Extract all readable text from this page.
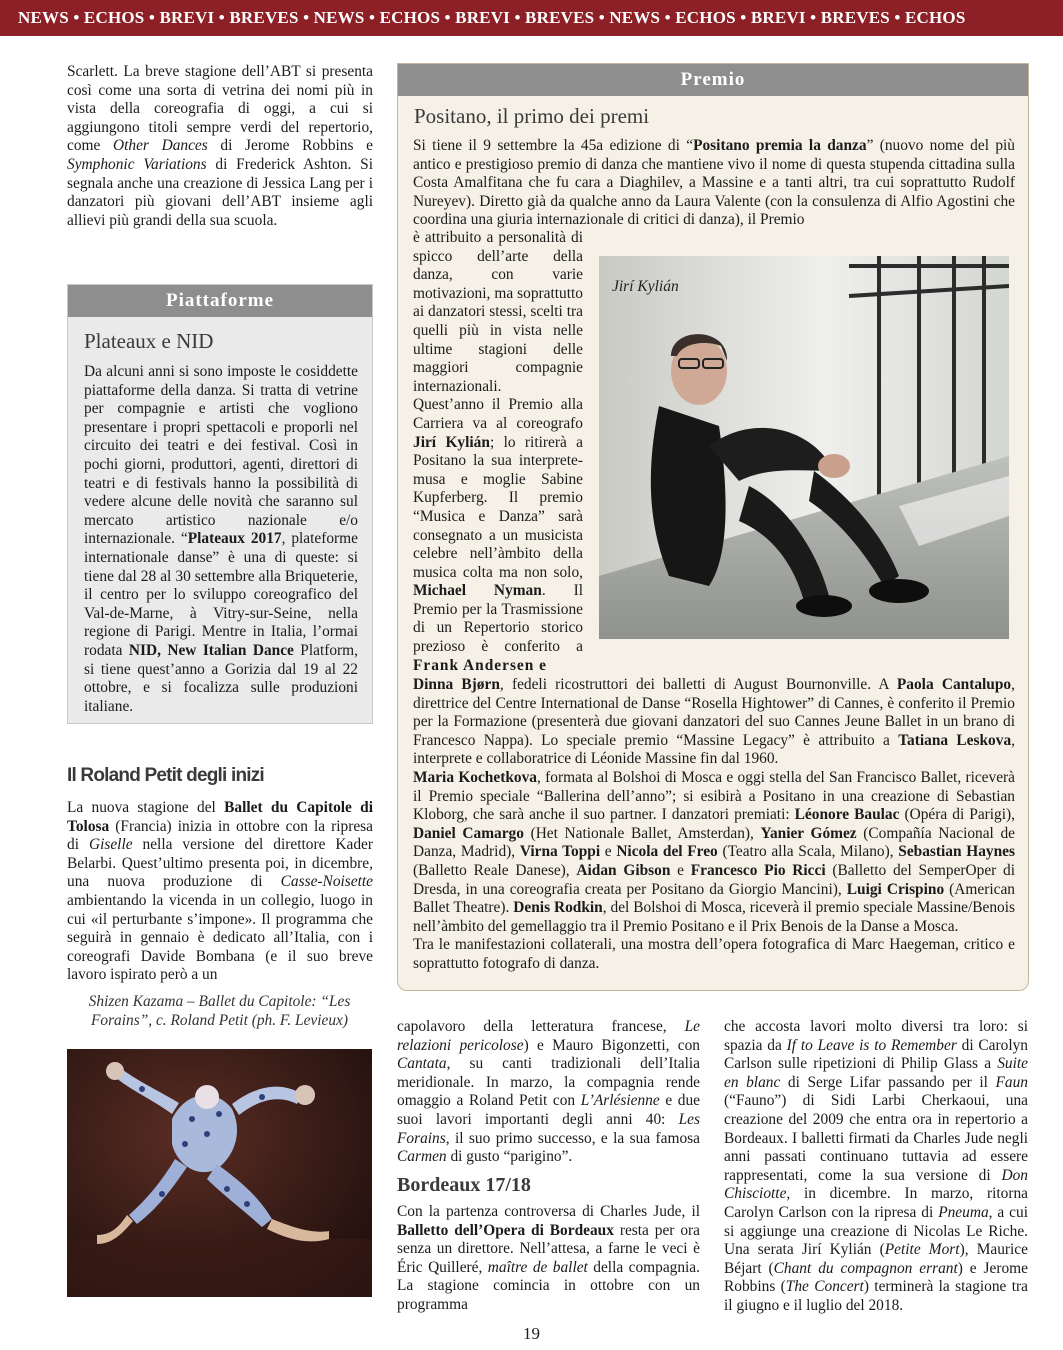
NEWS • ECHOS • BREVI • BREVES • NEWS • ECHOS • BREVI • BREVES • NEWS • ECHOS • BREVI • BREVES • ECHOS

Scarlett. La breve stagione dell’ABT si presenta così come una sorta di vetrina dei nomi più in vista della coreografia di oggi, a cui si aggiungono titoli sempre verdi del repertorio, come Other Dances di Jerome Robbins e Symphonic Variations di Frederick Ashton. Si segnala anche una creazione di Jessica Lang per i danzatori più giovani dell’ABT insieme agli allievi più grandi della sua scuola.

Piattaforme
Plateaux e NID

Da alcuni anni si sono imposte le cosiddette piattaforme della danza. Si tratta di vetrine per compagnie e artisti che vogliono presentare i propri spettacoli e proporli nel circuito dei teatri e dei festival. Così in pochi giorni, produttori, agenti, direttori di teatri e di festivals hanno la possibilità di vedere alcune delle novità che saranno sul mercato artistico nazionale e/o internazionale. “Plateaux 2017, plateforme internationale danse” è una di queste: si tiene dal 28 al 30 settembre alla Briqueterie, il centro per lo sviluppo coreografico del Val-de-Marne, à Vitry-sur-Seine, nella regione di Parigi. Mentre in Italia, l’ormai rodata NID, New Italian Dance Platform, si tiene quest’anno a Gorizia dal 19 al 22 ottobre, e si focalizza sulle produzioni italiane.

Il Roland Petit degli inizi

La nuova stagione del Ballet du Capitole di Tolosa (Francia) inizia in ottobre con la ripresa di Giselle nella versione del direttore Kader Belarbi. Quest’ultimo presenta poi, in dicembre, una nuova produzione di Casse-Noisette ambientando la vicenda in un collegio, luogo in cui «il perturbante s’impone». Il programma che seguirà in gennaio è dedicato all’Italia, con i coreografi Davide Bombana (e il suo breve lavoro ispirato però a un

Shizen Kazama – Ballet du Capitole: “Les Forains”, c. Roland Petit (ph. F. Levieux)
Premio
Positano, il primo dei premi

Si tiene il 9 settembre la 45a edizione di “Positano premia la danza” (nuovo nome del più antico e prestigioso premio di danza che mantiene vivo il nome di questa stupenda cittadina sulla Costa Amalfitana che fu cara a Diaghilev, a Massine e a tanti altri, tra cui soprattutto Rudolf Nureyev). Diretto già da qualche anno da Laura Valente (con la consulenza di Alfio Agostini che coordina una giuria internazionale di critici di danza), il Premio

è attribuito a personalità di spicco dell’arte della danza, con varie motivazioni, ma soprattutto ai danzatori stessi, scelti tra quelli più in vista nelle ultime stagioni delle maggiori compagnie internazionali.

Quest’anno il Premio alla Carriera va al coreografo Jirí Kylián; lo ritirerà a Positano la sua interprete-musa e moglie Sabine Kupferberg. Il premio “Musica e Danza” sarà consegnato a un musicista celebre nell’àmbito della musica colta ma non solo, Michael Nyman. Il Premio per la Trasmissione di un Repertorio storico prezioso è conferito a Frank Andersen e

Dinna Bjørn, fedeli ricostruttori dei balletti di August Bournonville. A Paola Cantalupo, direttrice del Centre International de Danse “Rosella Hightower” di Cannes, è conferito il Premio per la Formazione (presenterà due giovani danzatori del suo Cannes Jeune Ballet in un brano di Francesco Nappa). Lo speciale premio “Massine Legacy” è attribuito a Tatiana Leskova, interprete e collaboratrice di Léonide Massine fin dal 1960.

Maria Kochetkova, formata al Bolshoi di Mosca e oggi stella del San Francisco Ballet, riceverà il Premio speciale “Ballerina dell’anno”; si esibirà a Positano in una creazione di Sebastian Kloborg, che sarà anche il suo partner. I danzatori premiati: Léonore Baulac (Opéra di Parigi), Daniel Camargo (Het Nationale Ballet, Amsterdan), Yanier Gómez (Compañía Nacional de Danza, Madrid), Virna Toppi e Nicola del Freo (Teatro alla Scala, Milano), Sebastian Haynes (Balletto Reale Danese), Aidan Gibson e Francesco Pio Ricci (Balletto del SemperOper di Dresda, in una coreografia creata per Positano da Giorgio Mancini), Luigi Crispino (American Ballet Theatre). Denis Rodkin, del Bolshoi di Mosca, riceverà il premio speciale Massine/Benois nell’àmbito del gemellaggio tra il Premio Positano e il Prix Benois de la Danse a Mosca.

Tra le manifestazioni collaterali, una mostra dell’opera fotografica di Marc Haegeman, critico e soprattutto fotografo di danza.

Jirí Kylián

capolavoro della letteratura francese, Le relazioni pericolose) e Mauro Bigonzetti, con Cantata, su canti tradizionali dell’Italia meridionale. In marzo, la compagnia rende omaggio a Roland Petit con L’Arlésienne e due suoi lavori importanti degli anni 40: Les Forains, il suo primo successo, e la sua famosa Carmen di gusto “parigino”.

Bordeaux 17/18

Con la partenza controversa di Charles Jude, il Balletto dell’Opera di Bordeaux resta per ora senza un direttore. Nell’attesa, a farne le veci è Éric Quilleré, maître de ballet della compagnia. La stagione comincia in ottobre con un programma

che accosta lavori molto diversi tra loro: si spazia da If to Leave is to Remember di Carolyn Carlson sulle ripetizioni di Philip Glass a Suite en blanc di Serge Lifar passando per il Faun (“Fauno”) di Sidi Larbi Cherkaoui, una creazione del 2009 che entra ora in repertorio a Bordeaux. I balletti firmati da Charles Jude negli anni passati continuano tuttavia ad essere rappresentati, come la sua versione di Don Chisciotte, in dicembre. In marzo, ritorna Carolyn Carlson con la ripresa di Pneuma, a cui si aggiunge una creazione di Nicolas Le Riche. Una serata Jirí Kylián (Petite Mort), Maurice Béjart (Chant du compagnon errant) e Jerome Robbins (The Concert) terminerà la stagione tra il giugno e il luglio del 2018.

19
